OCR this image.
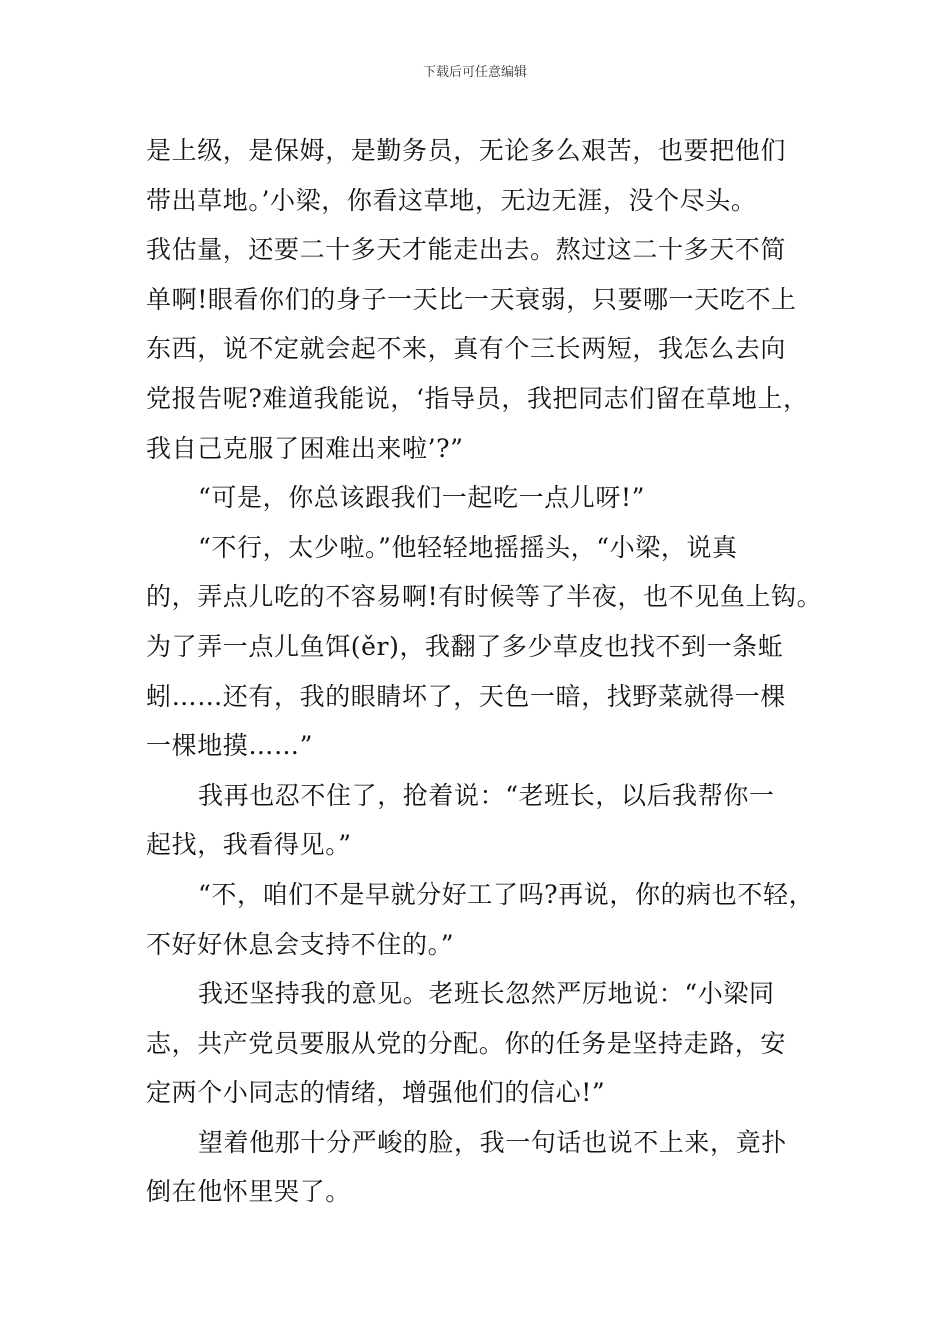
下载后可任意编辑

是上级，是保姆，是勤务员，无论多么艰苦，也要把他们
带出草地。’小梁，你看这草地，无边无涯，没个尽头。
我估量，还要二十多天才能走出去。熬过这二十多天不简
单啊!眼看你们的身子一天比一天衰弱，只要哪一天吃不上
东西，说不定就会起不来，真有个三长两短，我怎么去向
党报告呢?难道我能说，‘指导员，我把同志们留在草地上，
我自己克服了困难出来啦’?”

“可是，你总该跟我们一起吃一点儿呀!”

“不行，太少啦。”他轻轻地摇摇头，“小梁，说真
的，弄点儿吃的不容易啊!有时候等了半夜，也不见鱼上钩。
为了弄一点儿鱼饵(ěr)，我翻了多少草皮也找不到一条蚯
蚓……还有，我的眼睛坏了，天色一暗，找野菜就得一棵
一棵地摸……”

我再也忍不住了，抢着说：“老班长，以后我帮你一
起找，我看得见。”

“不，咱们不是早就分好工了吗?再说，你的病也不轻，
不好好休息会支持不住的。”

我还坚持我的意见。老班长忽然严厉地说：“小梁同
志，共产党员要服从党的分配。你的任务是坚持走路，安
定两个小同志的情绪，增强他们的信心!”

望着他那十分严峻的脸，我一句话也说不上来，竟扑
倒在他怀里哭了。
